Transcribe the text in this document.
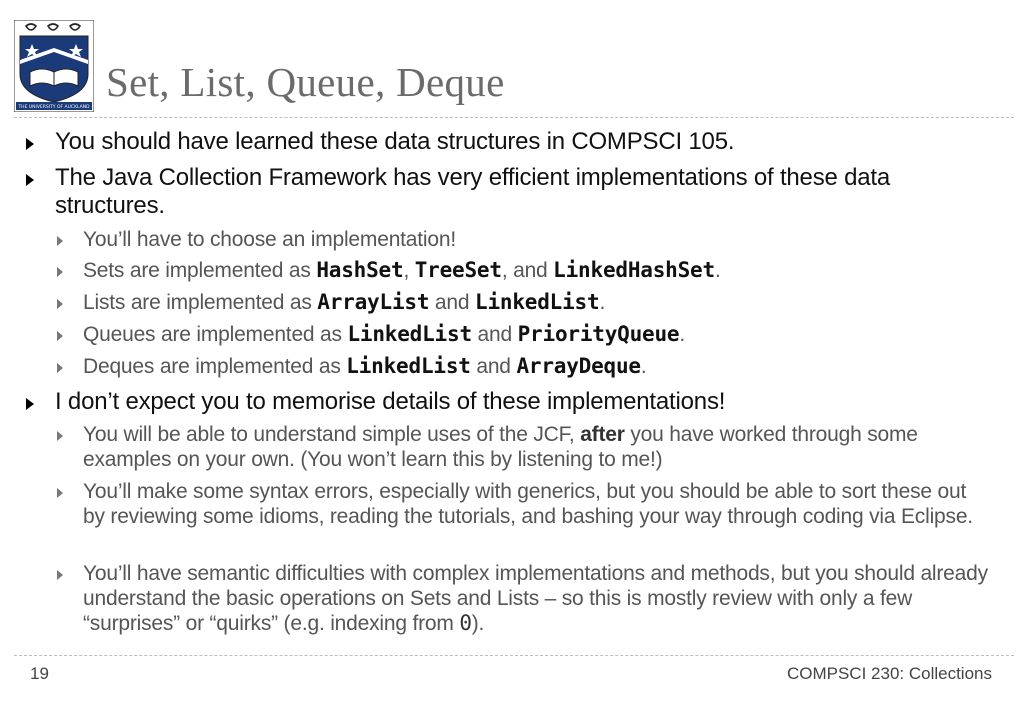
THE UNIVERSITY OF AUCKLAND
Set, List, Queue, Deque
You should have learned these data structures in COMPSCI 105.
The Java Collection Framework has very efficient implementations of these data structures.
You’ll have to choose an implementation!
Sets are implemented as HashSet, TreeSet, and LinkedHashSet.
Lists are implemented as ArrayList and LinkedList.
Queues are implemented as LinkedList and PriorityQueue.
Deques are implemented as LinkedList and ArrayDeque.
I don’t expect you to memorise details of these implementations!
You will be able to understand simple uses of the JCF, after you have worked through some examples on your own. (You won’t learn this by listening to me!)
You’ll make some syntax errors, especially with generics, but you should be able to sort these out by reviewing some idioms, reading the tutorials, and bashing your way through coding via Eclipse.
You’ll have semantic difficulties with complex implementations and methods, but you should already understand the basic operations on Sets and Lists – so this is mostly review with only a few “surprises” or “quirks” (e.g. indexing from 0).
19	COMPSCI 230: Collections
